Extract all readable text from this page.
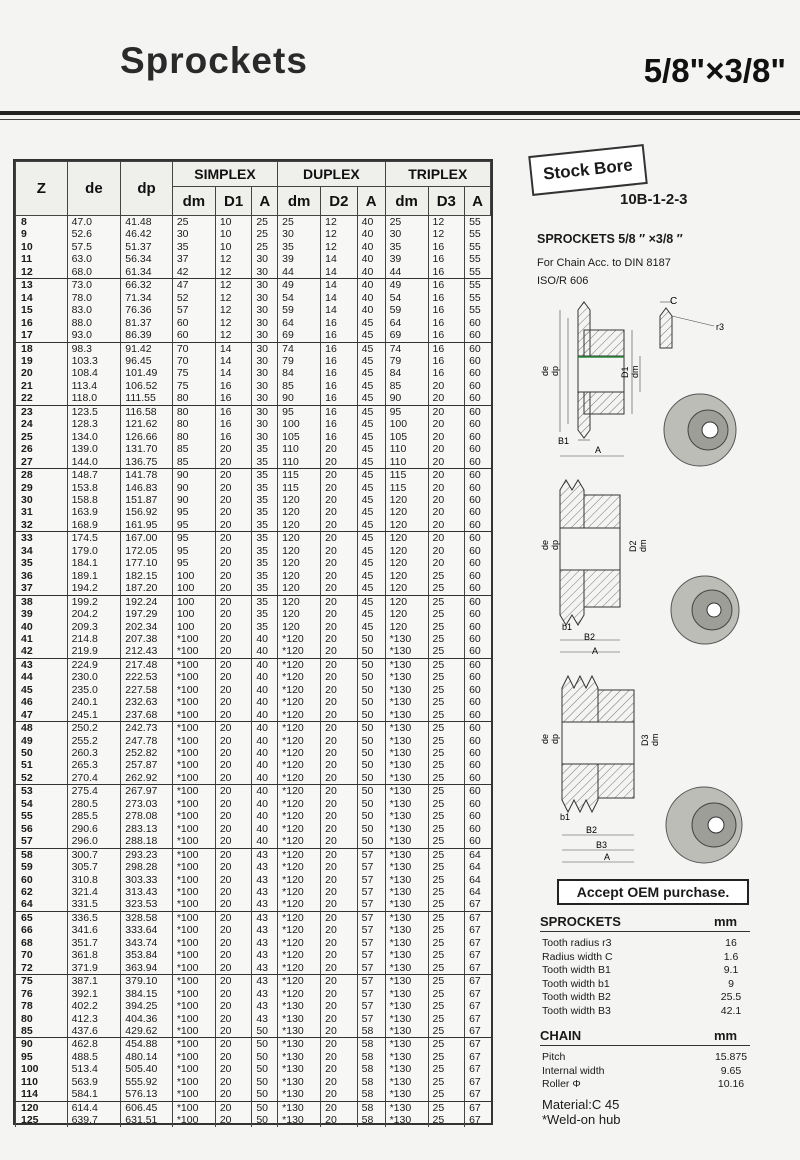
Sprockets	5/8"×3/8"
Z	de	dp	SIMPLEX			DUPLEX			TRIPLEX		
			dm	D1	A	dm	D2	A	dm	D3	A
8	47.0	41.48	25	10	25	25	12	40	25	12	55
9	52.6	46.42	30	10	25	30	12	40	30	12	55
10	57.5	51.37	35	10	25	35	12	40	35	16	55
11	63.0	56.34	37	12	30	39	14	40	39	16	55
12	68.0	61.34	42	12	30	44	14	40	44	16	55
13	73.0	66.32	47	12	30	49	14	40	49	16	55
14	78.0	71.34	52	12	30	54	14	40	54	16	55
15	83.0	76.36	57	12	30	59	14	40	59	16	55
16	88.0	81.37	60	12	30	64	16	45	64	16	60
17	93.0	86.39	60	12	30	69	16	45	69	16	60
18	98.3	91.42	70	14	30	74	16	45	74	16	60
19	103.3	96.45	70	14	30	79	16	45	79	16	60
20	108.4	101.49	75	14	30	84	16	45	84	16	60
21	113.4	106.52	75	16	30	85	16	45	85	20	60
22	118.0	111.55	80	16	30	90	16	45	90	20	60
23	123.5	116.58	80	16	30	95	16	45	95	20	60
24	128.3	121.62	80	16	30	100	16	45	100	20	60
25	134.0	126.66	80	16	30	105	16	45	105	20	60
26	139.0	131.70	85	20	35	110	20	45	110	20	60
27	144.0	136.75	85	20	35	110	20	45	110	20	60
28	148.7	141.78	90	20	35	115	20	45	115	20	60
29	153.8	146.83	90	20	35	115	20	45	115	20	60
30	158.8	151.87	90	20	35	120	20	45	120	20	60
31	163.9	156.92	95	20	35	120	20	45	120	20	60
32	168.9	161.95	95	20	35	120	20	45	120	20	60
33	174.5	167.00	95	20	35	120	20	45	120	20	60
34	179.0	172.05	95	20	35	120	20	45	120	20	60
35	184.1	177.10	95	20	35	120	20	45	120	20	60
36	189.1	182.15	100	20	35	120	20	45	120	25	60
37	194.2	187.20	100	20	35	120	20	45	120	25	60
38	199.2	192.24	100	20	35	120	20	45	120	25	60
39	204.2	197.29	100	20	35	120	20	45	120	25	60
40	209.3	202.34	100	20	35	120	20	45	120	25	60
41	214.8	207.38	*100	20	40	*120	20	50	*130	25	60
42	219.9	212.43	*100	20	40	*120	20	50	*130	25	60
43	224.9	217.48	*100	20	40	*120	20	50	*130	25	60
44	230.0	222.53	*100	20	40	*120	20	50	*130	25	60
45	235.0	227.58	*100	20	40	*120	20	50	*130	25	60
46	240.1	232.63	*100	20	40	*120	20	50	*130	25	60
47	245.1	237.68	*100	20	40	*120	20	50	*130	25	60
48	250.2	242.73	*100	20	40	*120	20	50	*130	25	60
49	255.2	247.78	*100	20	40	*120	20	50	*130	25	60
50	260.3	252.82	*100	20	40	*120	20	50	*130	25	60
51	265.3	257.87	*100	20	40	*120	20	50	*130	25	60
52	270.4	262.92	*100	20	40	*120	20	50	*130	25	60
53	275.4	267.97	*100	20	40	*120	20	50	*130	25	60
54	280.5	273.03	*100	20	40	*120	20	50	*130	25	60
55	285.5	278.08	*100	20	40	*120	20	50	*130	25	60
56	290.6	283.13	*100	20	40	*120	20	50	*130	25	60
57	296.0	288.18	*100	20	40	*120	20	50	*130	25	60
58	300.7	293.23	*100	20	43	*120	20	57	*130	25	64
59	305.7	298.28	*100	20	43	*120	20	57	*130	25	64
60	310.8	303.33	*100	20	43	*120	20	57	*130	25	64
62	321.4	313.43	*100	20	43	*120	20	57	*130	25	64
64	331.5	323.53	*100	20	43	*120	20	57	*130	25	67
65	336.5	328.58	*100	20	43	*120	20	57	*130	25	67
66	341.6	333.64	*100	20	43	*120	20	57	*130	25	67
68	351.7	343.74	*100	20	43	*120	20	57	*130	25	67
70	361.8	353.84	*100	20	43	*120	20	57	*130	25	67
72	371.9	363.94	*100	20	43	*120	20	57	*130	25	67
75	387.1	379.10	*100	20	43	*120	20	57	*130	25	67
76	392.1	384.15	*100	20	43	*120	20	57	*130	25	67
78	402.2	394.25	*100	20	43	*130	20	57	*130	25	67
80	412.3	404.36	*100	20	43	*130	20	57	*130	25	67
85	437.6	429.62	*100	20	50	*130	20	58	*130	25	67
90	462.8	454.88	*100	20	50	*130	20	58	*130	25	67
95	488.5	480.14	*100	20	50	*130	20	58	*130	25	67
100	513.4	505.40	*100	20	50	*130	20	58	*130	25	67
110	563.9	555.92	*100	20	50	*130	20	58	*130	25	67
114	584.1	576.13	*100	20	50	*130	20	58	*130	25	67
120	614.4	606.45	*100	20	50	*130	20	58	*130	25	67
125	639.7	631.51	*100	20	50	*130	20	58	*130	25	67
Stock Bore
10B-1-2-3
SPROCKETS 5/8 ″ ×3/8 ″
For Chain Acc. to DIN 8187
ISO/R 606
de dp	D1 dm
B1
A
C
r3
de dp	D2 dm
b1
B2
A
de dp	D3 dm
b1
B2
B3
A
Accept OEM purchase.
SPROCKETS	mm
Tooth radius r3	16
Radius width C	1.6
Tooth width B1	9.1
Tooth width b1	9
Tooth width B2	25.5
Tooth width B3	42.1
CHAIN	mm
Pitch	15.875
Internal width	9.65
Roller Φ	10.16
Material:C 45
*Weld-on hub
